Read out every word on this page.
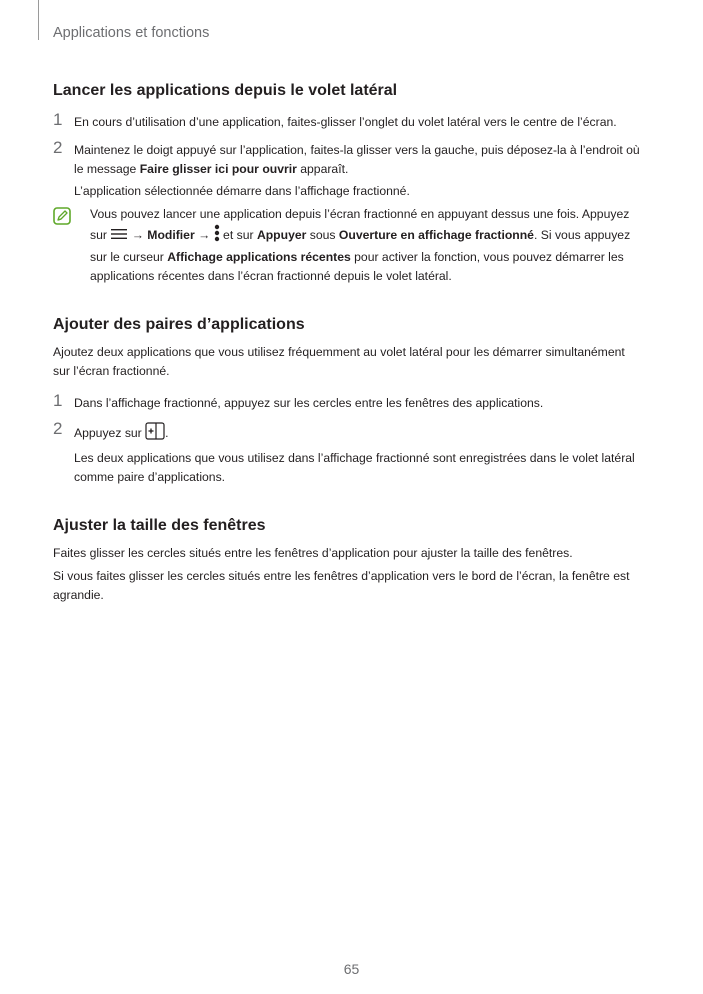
Applications et fonctions
Lancer les applications depuis le volet latéral
1 En cours d’utilisation d’une application, faites-glisser l’onglet du volet latéral vers le centre de l’écran.

2 Maintenez le doigt appuyé sur l’application, faites-la glisser vers la gauche, puis déposez-la à l’endroit où le message Faire glisser ici pour ouvrir apparaît.

L’application sélectionnée démarre dans l’affichage fractionné.

Vous pouvez lancer une application depuis l’écran fractionné en appuyant dessus une fois. Appuyez sur  → Modifier →  et sur Appuyer sous Ouverture en affichage fractionné. Si vous appuyez sur le curseur Affichage applications récentes pour activer la fonction, vous pouvez démarrer les applications récentes dans l’écran fractionné depuis le volet latéral.

Ajouter des paires d’applications

Ajoutez deux applications que vous utilisez fréquemment au volet latéral pour les démarrer simultanément sur l’écran fractionné.

1 Dans l’affichage fractionné, appuyez sur les cercles entre les fenêtres des applications.

2 Appuyez sur .

Les deux applications que vous utilisez dans l’affichage fractionné sont enregistrées dans le volet latéral comme paire d’applications.

Ajuster la taille des fenêtres

Faites glisser les cercles situés entre les fenêtres d’application pour ajuster la taille des fenêtres.

Si vous faites glisser les cercles situés entre les fenêtres d’application vers le bord de l’écran, la fenêtre est agrandie.

65
